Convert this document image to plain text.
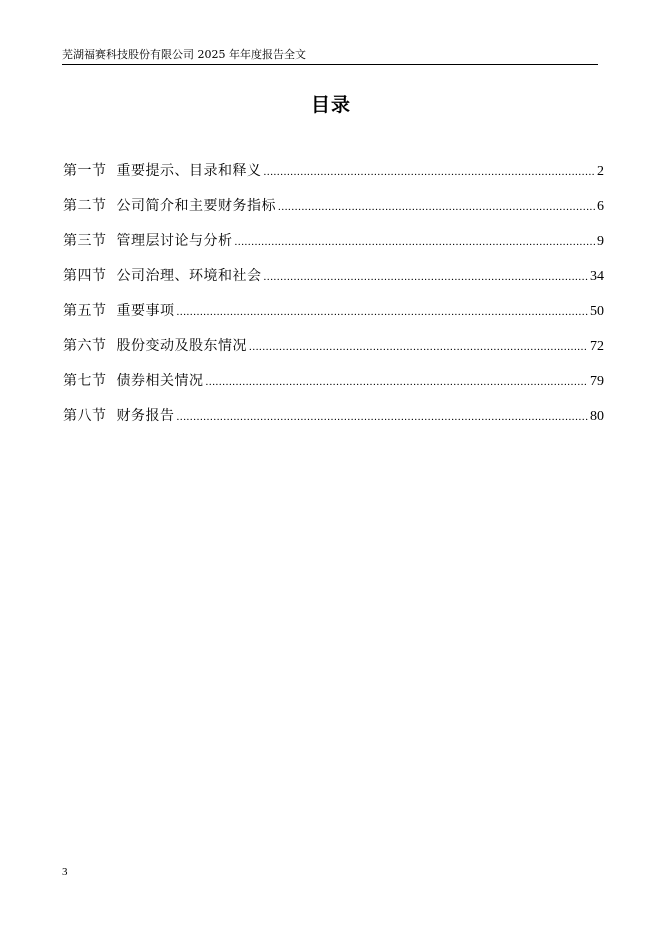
芜湖福赛科技股份有限公司 2025 年年度报告全文
目录
第一节 重要提示、目录和释义 .....	2
第二节 公司简介和主要财务指标 .....	6
第三节 管理层讨论与分析 .....	9
第四节 公司治理、环境和社会 .....	34
第五节 重要事项 .....	50
第六节 股份变动及股东情况 .....	72
第七节 债券相关情况 .....	79
第八节 财务报告 .....	80
3
